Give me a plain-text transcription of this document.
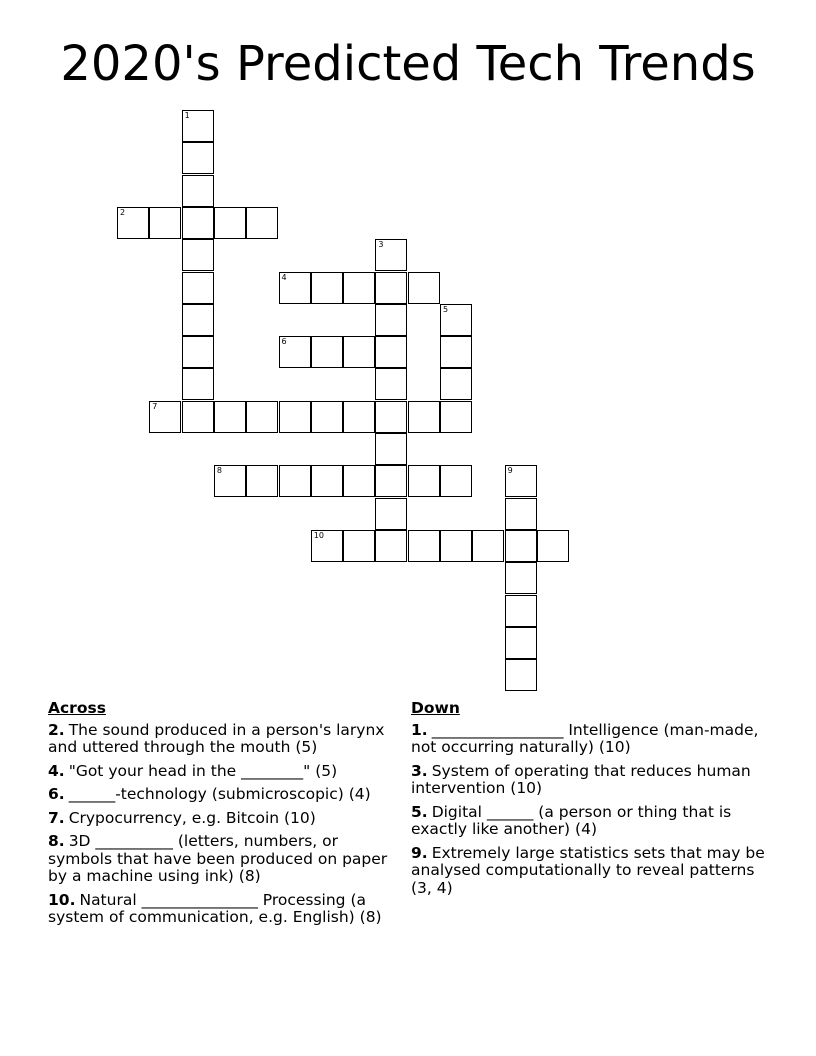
2020's Predicted Tech Trends
1
2
3
4
5
6
7
8	9
10
Across
2. The sound produced in a person's larynx and uttered through the mouth (5)
4. "Got your head in the ________" (5)
6. ______-technology (submicroscopic) (4)
7. Crypocurrency, e.g. Bitcoin (10)
8. 3D __________ (letters, numbers, or symbols that have been produced on paper by a machine using ink) (8)
10. Natural _______________ Processing (a system of communication, e.g. English) (8)
Down
1. _________________ Intelligence (man-made, not occurring naturally) (10)
3. System of operating that reduces human intervention (10)
5. Digital ______ (a person or thing that is exactly like another) (4)
9. Extremely large statistics sets that may be analysed computationally to reveal patterns (3, 4)
